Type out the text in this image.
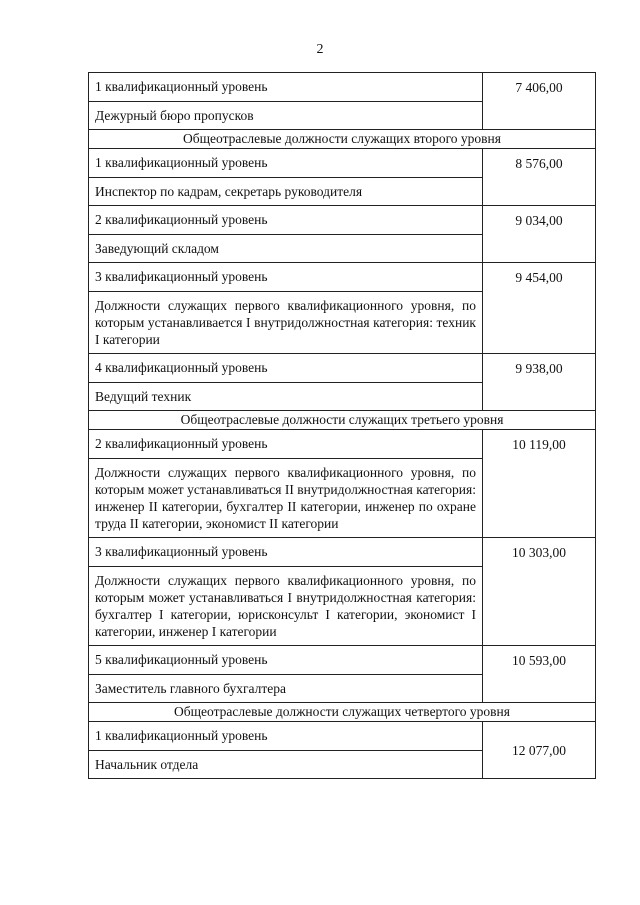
2
1 квалификационный уровень
Дежурный бюро пропусков	7 406,00
Общеотраслевые должности служащих второго уровня	

1 квалификационный уровень
Инспектор по кадрам, секретарь руководителя	8 576,00

2 квалификационный уровень
Заведующий складом	9 034,00

3 квалификационный уровень
Должности служащих первого квалификационного уровня, по которым устанавливается I внутридолжностная категория: техник I категории	9 454,00

4 квалификационный уровень
Ведущий техник	9 938,00
Общеотраслевые должности служащих третьего уровня	

2 квалификационный уровень
Должности служащих первого квалификационного уровня, по которым может устанавливаться II внутридолжностная категория: инженер II категории, бухгалтер II категории, инженер по охране труда II категории, экономист II категории	10 119,00

3 квалификационный уровень
Должности служащих первого квалификационного уровня, по которым может устанавливаться I внутридолжностная категория: бухгалтер I категории, юрисконсульт I категории, экономист I категории, инженер I категории	10 303,00

5 квалификационный уровень
Заместитель главного бухгалтера	10 593,00
Общеотраслевые должности служащих четвертого уровня	

1 квалификационный уровень
Начальник отдела	12 077,00
